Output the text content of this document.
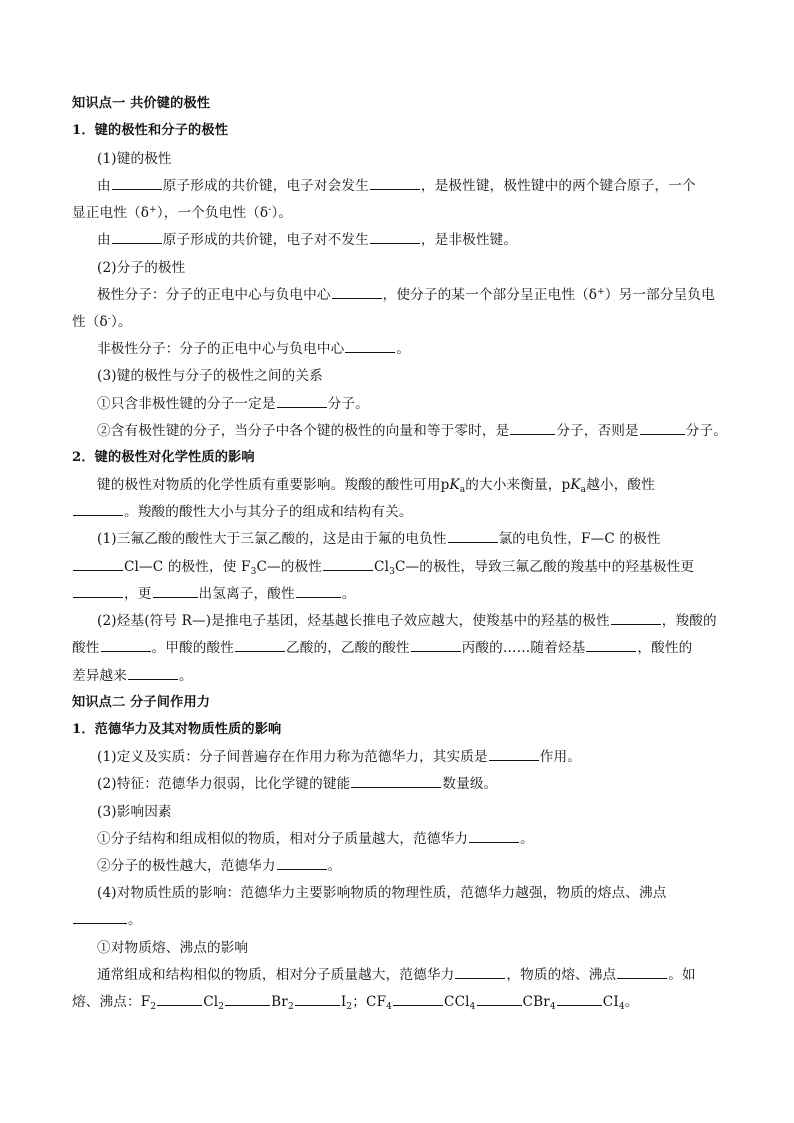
知识点一 共价键的极性
1．键的极性和分子的极性
(1)键的极性
由	原子形成的共价键，电子对会发生	，是极性键，极性键中的两个键合原子，一个
显正电性（δ+），一个负电性（δ-）。
由	原子形成的共价键，电子对不发生	，是非极性键。
(2)分子的极性
极性分子：分子的正电中心与负电中心	，使分子的某一个部分呈正电性（δ+）另一部分呈负电
性（δ-）。
非极性分子：分子的正电中心与负电中心	。
(3)键的极性与分子的极性之间的关系
①只含非极性键的分子一定是	分子。
②含有极性键的分子，当分子中各个键的极性的向量和等于零时，是	分子，否则是	分子。
2．键的极性对化学性质的影响
键的极性对物质的化学性质有重要影响。羧酸的酸性可用$pK_a$的大小来衡量，$pK_a$越小，酸性
。羧酸的酸性大小与其分子的组成和结构有关。
(1)三氟乙酸的酸性大于三氯乙酸的，这是由于氟的电负性	氯的电负性，F—C 的极性
Cl—C 的极性，使 $F_3C—$的极性	$Cl_3C—$的极性，导致三氟乙酸的羧基中的羟基极性更
，更	出氢离子，酸性	。
(2)烃基(符号 R—)是推电子基团，烃基越长推电子效应越大，使羧基中的羟基的极性	，羧酸的
酸性	。甲酸的酸性	乙酸的，乙酸的酸性	丙酸的……随着烃基	，酸性的
差异越来	。
知识点二 分子间作用力
1．范德华力及其对物质性质的影响
(1)定义及实质：分子间普遍存在作用力称为范德华力，其实质是	作用。
(2)特征：范德华力很弱，比化学键的键能	数量级。
(3)影响因素
①分子结构和组成相似的物质，相对分子质量越大，范德华力	。
②分子的极性越大，范德华力	。
(4)对物质性质的影响：范德华力主要影响物质的物理性质，范德华力越强，物质的熔点、沸点
。
①对物质熔、沸点的影响
通常组成和结构相似的物质，相对分子质量越大，范德华力	，物质的熔、沸点	。如
熔、沸点：$F_2$	$Cl_2$	$Br_2$	$I_2$；$CF_4$	CCl$_4$	CBr$_4$	$CI_4$。
